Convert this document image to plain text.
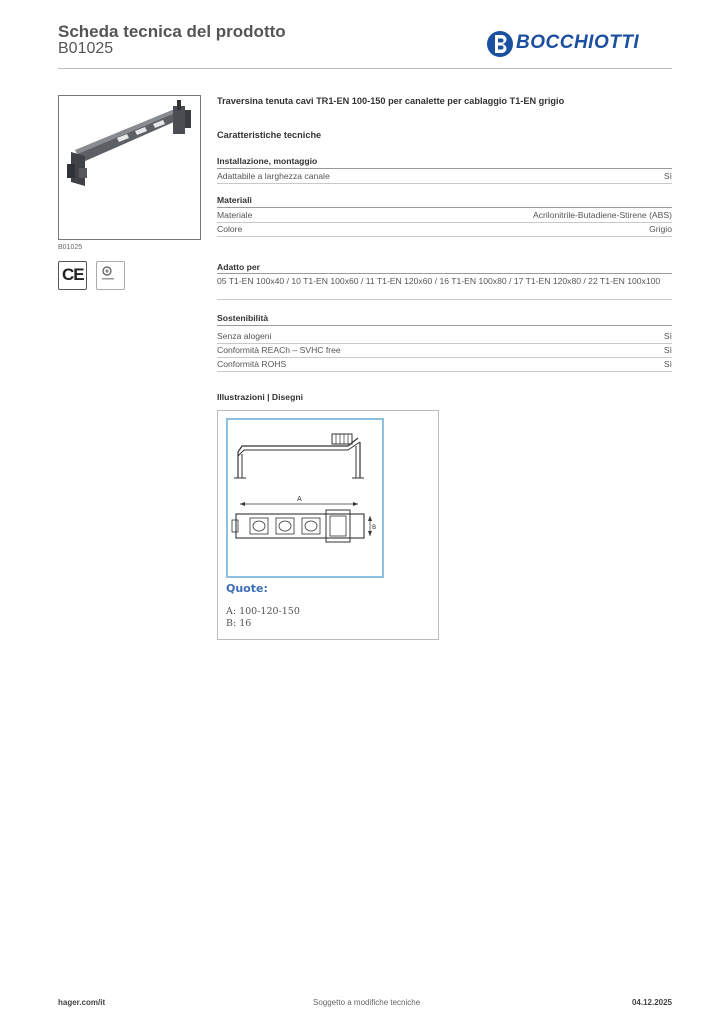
Scheda tecnica del prodotto
B01025	BOCCHIOTTI
B01025
CE
Traversina tenuta cavi TR1-EN 100-150 per canalette per cablaggio T1-EN grigio
Caratteristiche tecniche
Installazione, montaggio
Adattabile a larghezza canale	Sì
Materiali
Materiale	Acrilonitrile-Butadiene-Stirene (ABS)
Colore	Grigio
Adatto per
05 T1-EN 100x40 / 10 T1-EN 100x60 / 11 T1-EN 120x60 / 16 T1-EN 100x80 / 17 T1-EN 120x80 / 22 T1-EN 100x100
Sostenibilità
Senza alogeni	Sì
Conformità REACh – SVHC free	Sì
Conformità ROHS	Sì
Illustrazioni | Disegni
A
B
Quote:
A: 100-120-150
B: 16
hager.com/it	Soggetto a modifiche tecniche	04.12.2025
